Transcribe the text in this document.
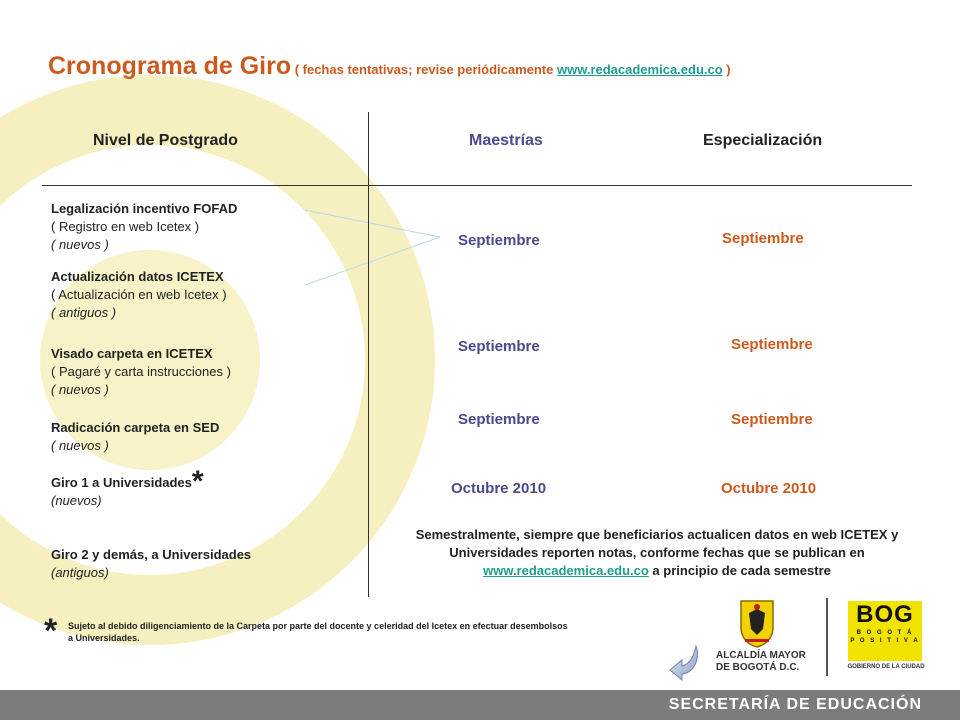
Cronograma de Giro ( fechas tentativas; revise periódicamente www.redacademica.edu.co )
Nivel de Postgrado	Maestrías	Especialización
Legalización incentivo FOFAD
( Registro en web Icetex )
( nuevos )
Actualización datos ICETEX
( Actualización en web Icetex )
( antiguos )
Visado carpeta en ICETEX
( Pagaré y carta instrucciones )
( nuevos )
Radicación carpeta en SED
( nuevos )
Giro 1 a Universidades*
(nuevos)
Giro 2 y demás, a Universidades
(antiguos)
Septiembre
Septiembre
Septiembre
Octubre 2010
Septiembre
Septiembre
Septiembre
Octubre 2010
Semestralmente, siempre que beneficiarios actualicen datos en web ICETEX y Universidades reporten notas, conforme fechas que se publican en www.redacademica.edu.co a principio de cada semestre
* Sujeto al debido diligenciamiento de la Carpeta por parte del docente y celeridad del Icetex en efectuar desembolsos a Universidades.
ALCALDÍA MAYOR
DE BOGOTÁ D.C.
BOG
B O G O T Á
P O S I T I V A
GOBIERNO DE LA CIUDAD
SECRETARÍA DE EDUCACIÓN
